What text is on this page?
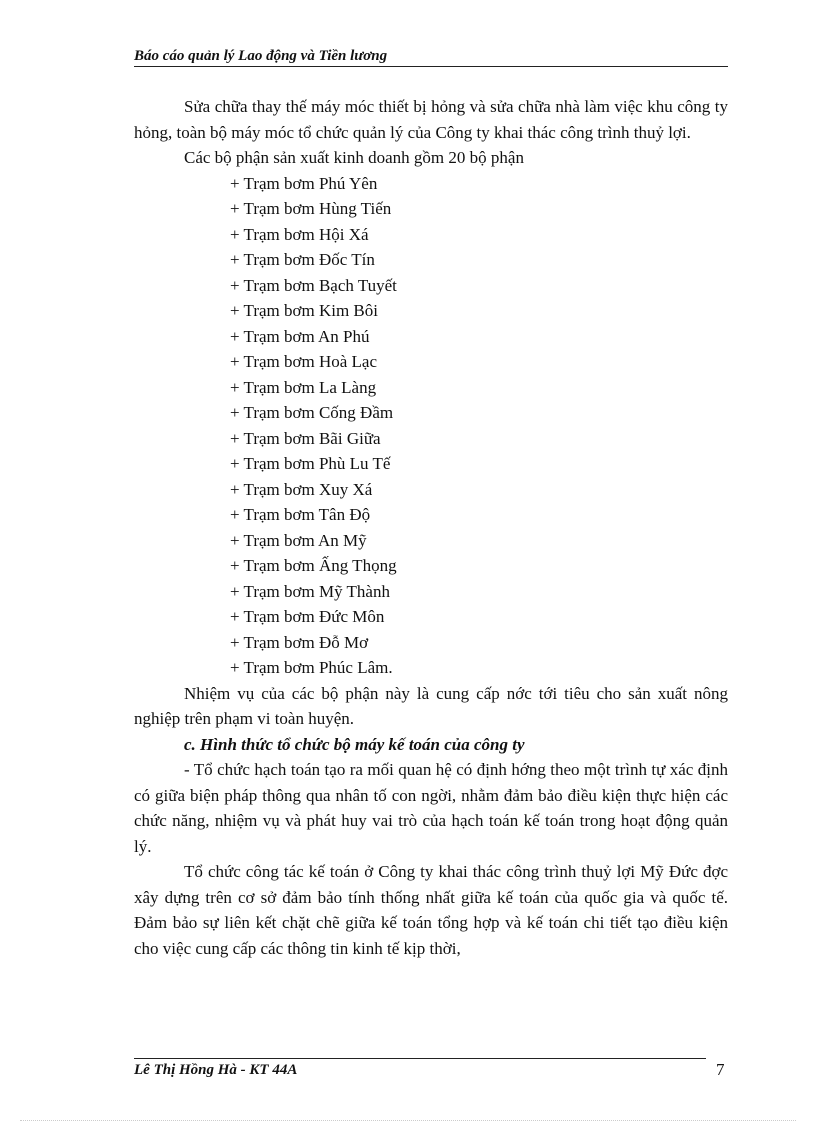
Báo cáo quản lý Lao động và Tiền lương

Sửa chữa thay thế máy móc thiết bị hỏng và sửa chữa nhà làm việc khu công ty hỏng, toàn bộ máy móc tổ chức quản lý của Công ty khai thác công trình thuỷ lợi.

Các bộ phận sản xuất kinh doanh gồm 20 bộ phận

+ Trạm bơm Phú Yên
+ Trạm bơm Hùng Tiến
+ Trạm bơm Hội Xá
+ Trạm bơm Đốc Tín
+ Trạm bơm Bạch Tuyết
+ Trạm bơm Kim Bôi
+ Trạm bơm An Phú
+ Trạm bơm Hoà Lạc
+ Trạm bơm La Làng
+ Trạm bơm Cống Đầm
+ Trạm bơm Bãi Giữa
+ Trạm bơm Phù Lu Tế
+ Trạm bơm Xuy Xá
+ Trạm bơm Tân Độ
+ Trạm bơm An Mỹ
+ Trạm bơm Ấng Thọng
+ Trạm bơm Mỹ Thành
+ Trạm bơm Đức Môn
+ Trạm bơm Đỗ Mơ
+ Trạm bơm Phúc Lâm.

Nhiệm vụ của các bộ phận này là cung cấp nớc tới tiêu cho sản xuất nông nghiệp trên phạm vi toàn huyện.

c. Hình thức tổ chức bộ máy kế toán của công ty

- Tổ chức hạch toán tạo ra mối quan hệ có định hớng theo một trình tự xác định có giữa biện pháp thông qua nhân tố con ngời, nhằm đảm bảo điều kiện thực hiện các chức năng, nhiệm vụ và phát huy vai trò của hạch toán kế toán trong hoạt động quản lý.

Tổ chức công tác kế toán ở Công ty khai thác công trình thuỷ lợi Mỹ Đức đợc xây dựng trên cơ sở đảm bảo tính thống nhất giữa kế toán của quốc gia và quốc tế. Đảm bảo sự liên kết chặt chẽ giữa kế toán tổng hợp và kế toán chi tiết tạo điều kiện cho việc cung cấp các thông tin kinh tế kịp thời,

Lê Thị Hồng Hà - KT 44A	7
